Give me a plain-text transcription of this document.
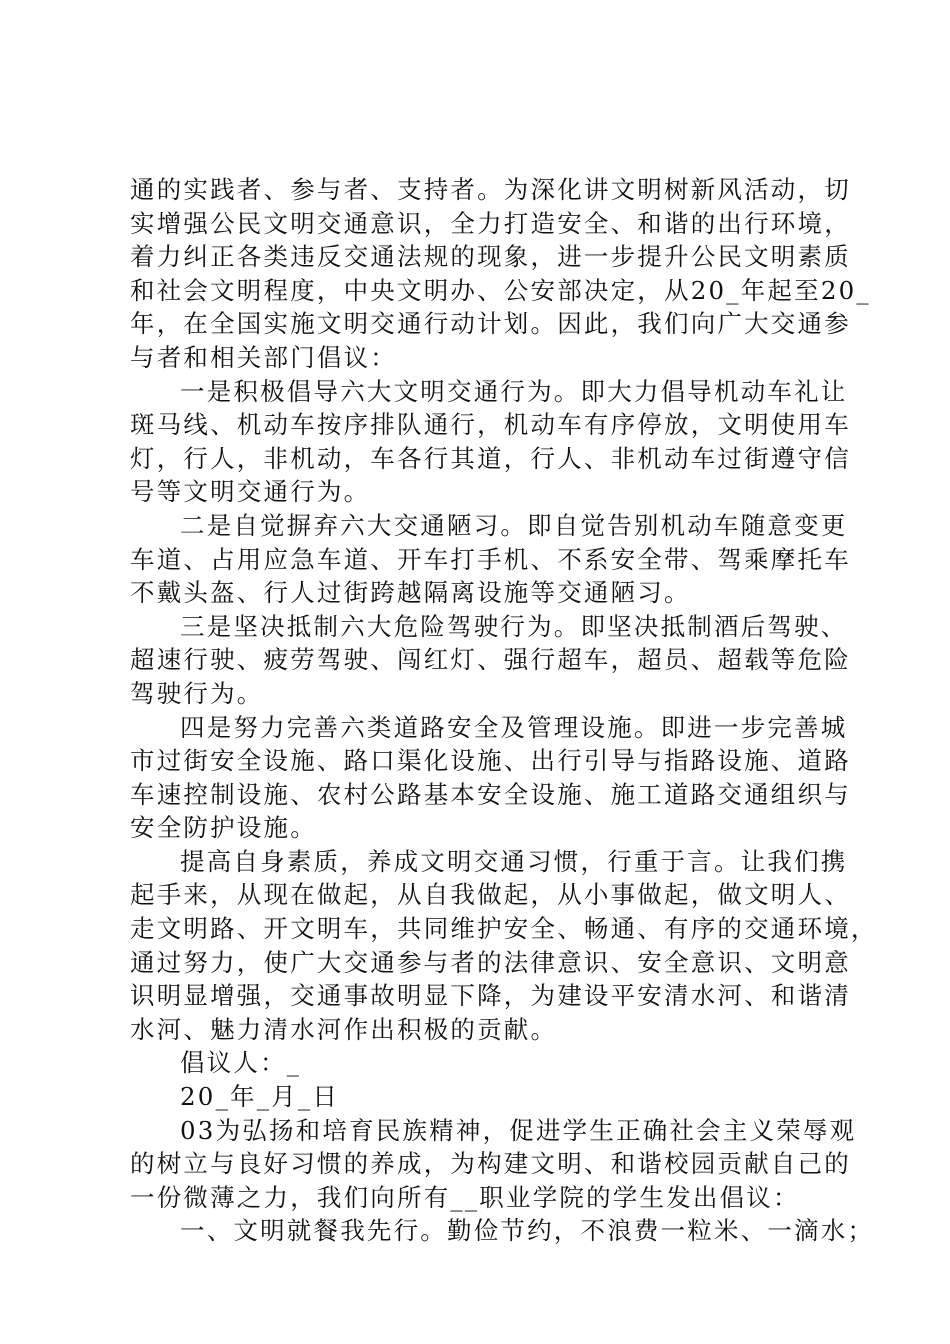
通的实践者、参与者、支持者。为深化讲文明树新风活动，切
实增强公民文明交通意识，全力打造安全、和谐的出行环境，
着力纠正各类违反交通法规的现象，进一步提升公民文明素质
和社会文明程度，中央文明办、公安部决定，从20_年起至20_
年，在全国实施文明交通行动计划。因此，我们向广大交通参
与者和相关部门倡议：
一是积极倡导六大文明交通行为。即大力倡导机动车礼让
斑马线、机动车按序排队通行，机动车有序停放，文明使用车
灯，行人，非机动，车各行其道，行人、非机动车过街遵守信
号等文明交通行为。
二是自觉摒弃六大交通陋习。即自觉告别机动车随意变更
车道、占用应急车道、开车打手机、不系安全带、驾乘摩托车
不戴头盔、行人过街跨越隔离设施等交通陋习。
三是坚决抵制六大危险驾驶行为。即坚决抵制酒后驾驶、
超速行驶、疲劳驾驶、闯红灯、强行超车，超员、超载等危险
驾驶行为。
四是努力完善六类道路安全及管理设施。即进一步完善城
市过街安全设施、路口渠化设施、出行引导与指路设施、道路
车速控制设施、农村公路基本安全设施、施工道路交通组织与
安全防护设施。
提高自身素质，养成文明交通习惯，行重于言。让我们携
起手来，从现在做起，从自我做起，从小事做起，做文明人、
走文明路、开文明车，共同维护安全、畅通、有序的交通环境，
通过努力，使广大交通参与者的法律意识、安全意识、文明意
识明显增强，交通事故明显下降，为建设平安清水河、和谐清
水河、魅力清水河作出积极的贡献。
倡议人：_
20_年_月_日
03为弘扬和培育民族精神，促进学生正确社会主义荣辱观
的树立与良好习惯的养成，为构建文明、和谐校园贡献自己的
一份微薄之力，我们向所有__职业学院的学生发出倡议：
一、文明就餐我先行。勤俭节约，不浪费一粒米、一滴水；
